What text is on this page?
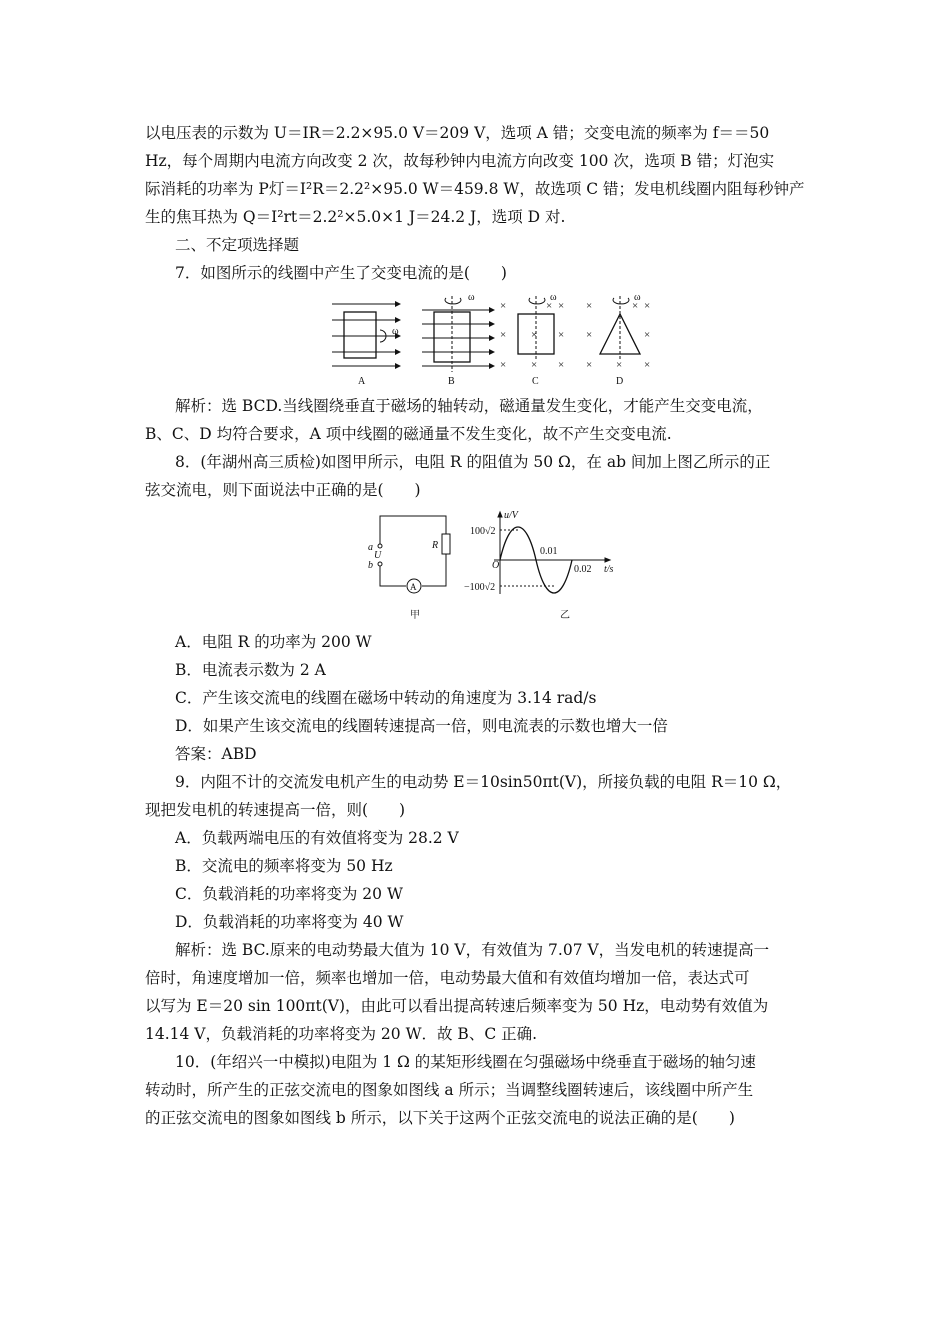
以电压表的示数为 U＝IR＝2.2×95.0 V＝209 V，选项 A 错；交变电流的频率为 f＝＝50
Hz，每个周期内电流方向改变 2 次，故每秒钟内电流方向改变 100 次，选项 B 错；灯泡实
际消耗的功率为 P灯＝I²R＝2.2²×95.0 W＝459.8 W，故选项 C 错；发电机线圈内阻每秒钟产
生的焦耳热为 Q＝I²rt＝2.2²×5.0×1 J＝24.2 J，选项 D 对.
二、不定项选择题
7．如图所示的线圈中产生了交变电流的是(　　)
ω
A
ω
B
×	× ×
× × ×
× × ×
ω
C
×	× ×
×	×
× × ×
ω
D
解析：选 BCD.当线圈绕垂直于磁场的轴转动，磁通量发生变化，才能产生交变电流，
B、C、D 均符合要求，A 项中线圈的磁通量不发生变化，故不产生交变电流.
8．(年湖州高三质检)如图甲所示，电阻 R 的阻值为 50 Ω，在 ab 间加上图乙所示的正
弦交流电，则下面说法中正确的是(　　)
a
b
U
R
A
甲
u/V
t/s
O
100√2
−100√2
0.01
0.02
乙
A．电阻 R 的功率为 200 W
B．电流表示数为 2 A
C．产生该交流电的线圈在磁场中转动的角速度为 3.14 rad/s
D．如果产生该交流电的线圈转速提高一倍，则电流表的示数也增大一倍
答案：ABD
9．内阻不计的交流发电机产生的电动势 E＝10sin50πt(V)，所接负载的电阻 R＝10 Ω，
现把发电机的转速提高一倍，则(　　)
A．负载两端电压的有效值将变为 28.2 V
B．交流电的频率将变为 50 Hz
C．负载消耗的功率将变为 20 W
D．负载消耗的功率将变为 40 W
解析：选 BC.原来的电动势最大值为 10 V，有效值为 7.07 V，当发电机的转速提高一
倍时，角速度增加一倍，频率也增加一倍，电动势最大值和有效值均增加一倍，表达式可
以写为 E＝20 sin 100πt(V)，由此可以看出提高转速后频率变为 50 Hz，电动势有效值为
14.14 V，负载消耗的功率将变为 20 W．故 B、C 正确.
10．(年绍兴一中模拟)电阻为 1 Ω 的某矩形线圈在匀强磁场中绕垂直于磁场的轴匀速
转动时，所产生的正弦交流电的图象如图线 a 所示；当调整线圈转速后，该线圈中所产生
的正弦交流电的图象如图线 b 所示，以下关于这两个正弦交流电的说法正确的是(　　)
